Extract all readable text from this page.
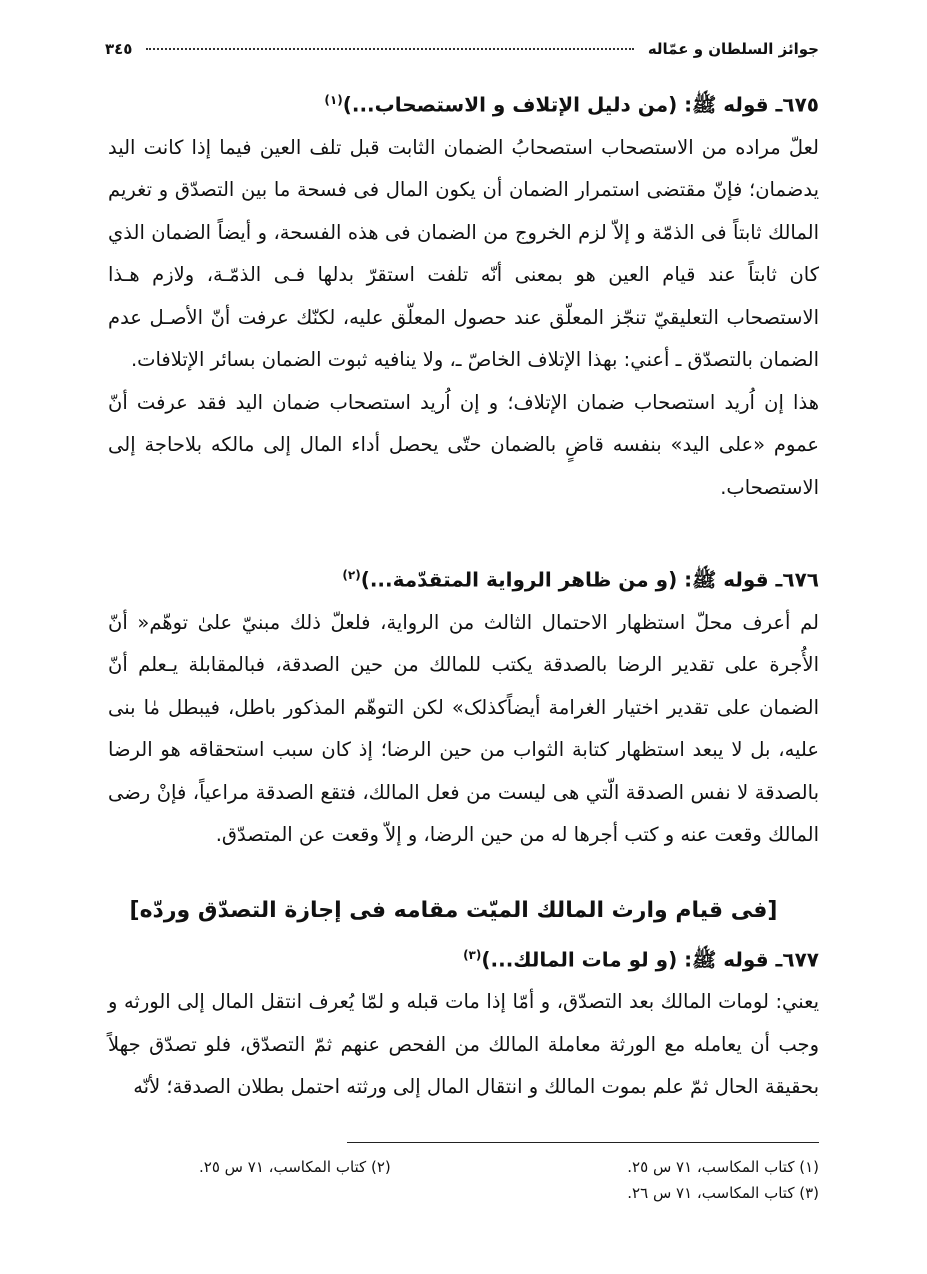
جوائز السلطان و عمّاله
٣٤٥

٦٧٥ـ قوله ﷺ: (من دليل الإتلاف و الاستصحاب...)$^{(١)}$

لعلّ مراده من الاستصحاب استصحابُ الضمان الثابت قبل تلف العين فيما إذا كانت اليد يدضمان؛ فإنّ مقتضى استمرار الضمان أن يكون المال فى فسحة ما بين التصدّق و تغريم المالك ثابتاً فى الذمّة و إلاّ لزم الخروج من الضمان فى هذه الفسحة، و أيضاً الضمان الذي كان ثابتاً عند قيام العين هو بمعنى أنّه تلفت استقرّ بدلها فـى الذمّـة، ولازم هـذا الاستصحاب التعليقيّ تنجّز المعلّق عند حصول المعلّق عليه، لكنّك عرفت أنّ الأصـل عدم الضمان بالتصدّق ـ أعني: بهذا الإتلاف الخاصّ ـ، ولا ينافيه ثبوت الضمان بسائر الإتلافات.

هذا إن اُريد استصحاب ضمان الإتلاف؛ و إن اُريد استصحاب ضمان اليد فقد عرفت أنّ عموم «على اليد» بنفسه قاضٍ بالضمان حتّى يحصل أداء المال إلى مالكه بلاحاجة إلى الاستصحاب.

٦٧٦ـ قوله ﷺ: (و من ظاهر الرواية المتقدّمة...)$^{(٢)}$

لم أعرف محلّ استظهار الاحتمال الثالث من الرواية، فلعلّ ذلك مبنيّ علىٰ توهّم« أنّ الأُجرة على تقدير الرضا بالصدقة يكتب للمالك من حين الصدقة، فبالمقابلة يـعلم أنّ الضمان على تقدير اختيار الغرامة أيضاًكذلک» لكن التوهّم المذكور باطل، فيبطل مٰا بنى عليه، بل لا يبعد استظهار كتابة الثواب من حين الرضا؛ إذ كان سبب استحقاقه هو الرضا بالصدقة لا نفس الصدقة الّتي هى ليست من فعل المالك، فتقع الصدقة مراعياً، فإنْ رضى المالك وقعت عنه و كتب أجرها له من حين الرضا، و إلاّ وقعت عن المتصدّق.

[فى قيام وارث المالك الميّت مقامه فى إجازة التصدّق وردّه]

٦٧٧ـ قوله ﷺ: (و لو مات المالك...)$^{(٣)}$

يعني: لومات المالك بعد التصدّق، و أمّا إذا مات قبله و لمّا يُعرف انتقل المال إلى الورثه و وجب أن يعامله مع الورثة معاملة المالك من الفحص عنهم ثمّ التصدّق، فلو تصدّق جهلاً بحقيقة الحال ثمّ علم بموت المالك و انتقال المال إلى ورثته احتمل بطلان الصدقة؛ لأنّه

(١) كتاب المكاسب، ٧١ س ٢٥.
(٢) كتاب المكاسب، ٧١ س ٢٥.
(٣) كتاب المكاسب، ٧١ س ٢٦.
